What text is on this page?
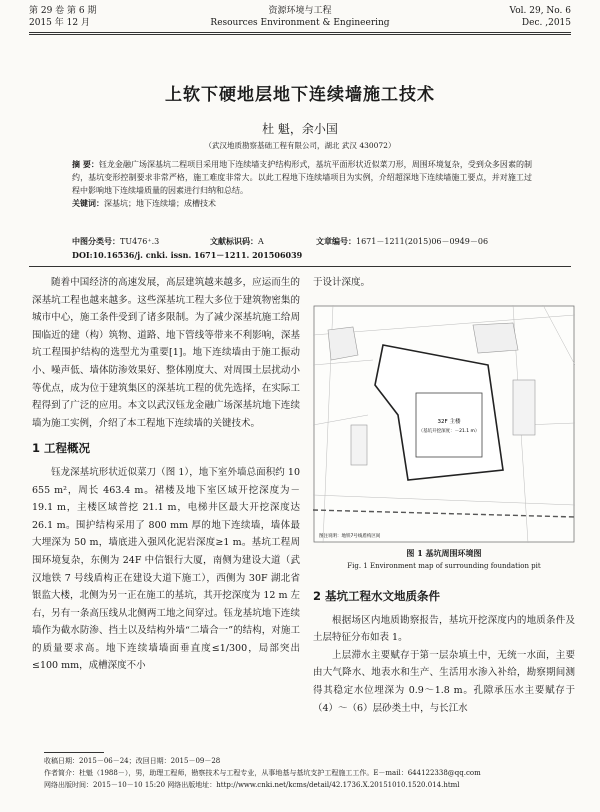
第 29 卷 第 6 期
2015 年 12 月
资源环境与工程
Resources Environment & Engineering
Vol. 29, No. 6
Dec. ,2015
上软下硬地层地下连续墙施工技术
杜 魁，余小国
（武汉地质勘察基础工程有限公司，湖北 武汉 430072）

摘 要：钰龙金融广场深基坑二程项目采用地下连续墙支护结构形式，基坑平面形状近似菜刀形，周围环境复杂，受到众多因素的制约，基坑变形控制要求非常严格，施工难度非常大。以此工程地下连续墙项目为实例，介绍超深地下连续墙施工要点，并对施工过程中影响地下连续墙质量的因素进行归纳和总结。

关键词：深基坑；地下连续墙；成槽技术

中图分类号：TU476⁺.3	文献标识码：A	文章编号：1671－1211(2015)06－0949－06
DOI:10.16536/j. cnki. issn. 1671－1211. 201506039

随着中国经济的高速发展，高层建筑越来越多，应运而生的深基坑工程也越来越多。这些深基坑工程大多位于建筑物密集的城市中心，施工条件受到了诸多限制。为了减少深基坑施工给周围临近的建（构）筑物、道路、地下管线等带来不利影响，深基坑工程围护结构的选型尤为重要[1]。地下连续墙由于施工振动小、噪声低、墙体防渗效果好、整体刚度大、对周围土层扰动小等优点，成为位于建筑集区的深基坑工程的优先选择，在实际工程得到了广泛的应用。本文以武汉钰龙金融广场深基坑地下连续墙为施工实例，介绍了本工程地下连续墙的关键技术。

1 工程概况

钰龙深基坑形状近似菜刀（图 1），地下室外墙总面积约 10 655 m²，周长 463.4 m。裙楼及地下室区域开挖深度为－19.1 m，主楼区域普挖 21.1 m，电梯井区最大开挖深度达 26.1 m。围护结构采用了 800 mm 厚的地下连续墙，墙体最大埋深为 50 m，墙底进入强风化泥岩深度≥1 m。基坑工程周围环境复杂，东侧为 24F 中信银行大厦，南侧为建设大道（武汉地铁 7 号线盾构正在建设大道下施工），西侧为 30F 湖北省银监大楼，北侧为另一正在施工的基坑，其开挖深度为 12 m 左右，另有一条高压线从北侧两工地之间穿过。钰龙基坑地下连续墙作为截水防渗、挡土以及结构外墙“二墙合一”的结构，对施工的质量要求高。地下连续墙墙面垂直度≤1/300，局部突出≤100 mm，成槽深度不小

于设计深度。
32F 主楼
（基坑开挖深度：－21.1 m）
图注说明：地铁7号线盾构区间
图 1 基坑周围环境图
Fig. 1 Environment map of surrounding foundation pit
2 基坑工程水文地质条件

根据场区内地质勘察报告，基坑开挖深度内的地质条件及土层特征分布如表 1。

上层滞水主要赋存于第一层杂填土中，无统一水面，主要由大气降水、地表水和生产、生活用水渗入补给，勘察期间测得其稳定水位埋深为 0.9～1.8 m。孔隙承压水主要赋存于（4）～（6）层砂类土中，与长江水

收稿日期：2015－06－24；改回日期：2015－09－28
作者简介：杜魁（1988－），男，助理工程师，勘察技术与工程专业，从事地基与基坑支护工程施工工作。E－mail：644122338@qq.com
网络出版时间：2015－10－10 15:20 网络出版地址：http://www.cnki.net/kcms/detail/42.1736.X.20151010.1520.014.html
